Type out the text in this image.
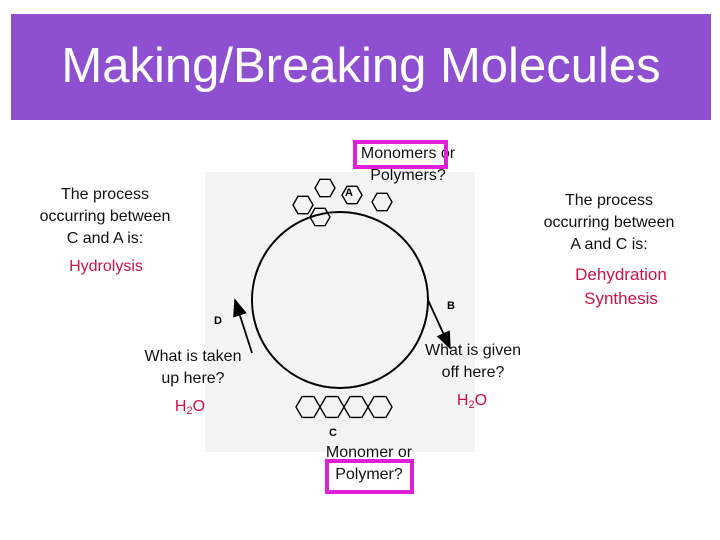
Making/Breaking Molecules
A
B
C
D
Monomers or
Polymers?
The process
occurring between
C and A is:
Hydrolysis
The process
occurring between
A and C is:
Dehydration
Synthesis
What is taken
up here?
$H_2O$
What is given
off here?
$H_2O$
Monomer or
Polymer?
